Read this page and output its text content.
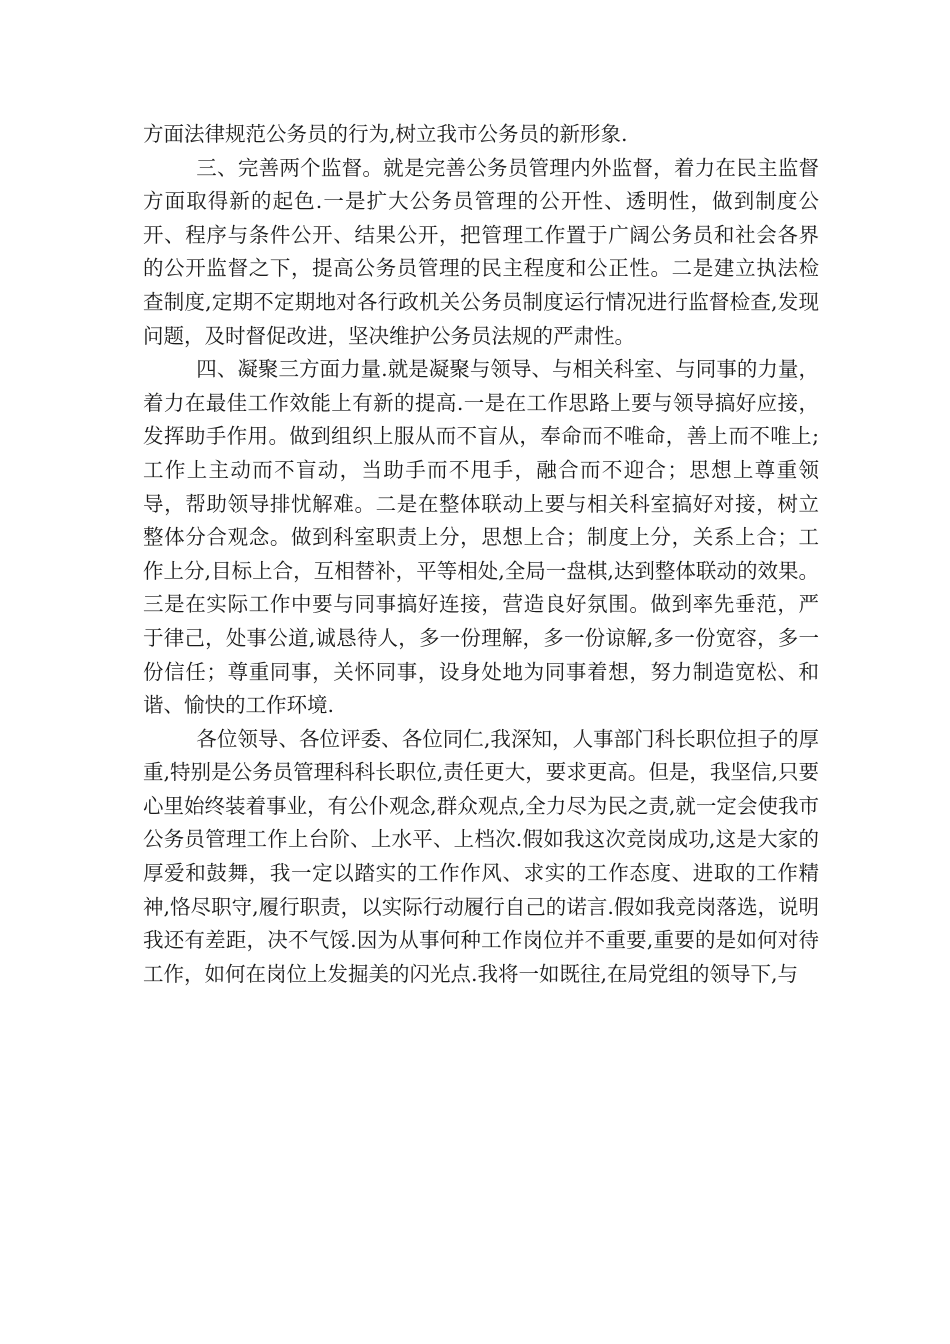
方面法律规范公务员的行为,树立我市公务员的新形象.

三、完善两个监督。就是完善公务员管理内外监督，着力在民主监督方面取得新的起色.一是扩大公务员管理的公开性、透明性，做到制度公开、程序与条件公开、结果公开，把管理工作置于广阔公务员和社会各界的公开监督之下，提高公务员管理的民主程度和公正性。二是建立执法检查制度,定期不定期地对各行政机关公务员制度运行情况进行监督检查,发现问题，及时督促改进，坚决维护公务员法规的严肃性。

四、凝聚三方面力量.就是凝聚与领导、与相关科室、与同事的力量，着力在最佳工作效能上有新的提高.一是在工作思路上要与领导搞好应接，发挥助手作用。做到组织上服从而不盲从，奉命而不唯命，善上而不唯上;工作上主动而不盲动，当助手而不甩手，融合而不迎合；思想上尊重领导，帮助领导排忧解难。二是在整体联动上要与相关科室搞好对接，树立整体分合观念。做到科室职责上分，思想上合；制度上分，关系上合；工作上分,目标上合，互相替补，平等相处,全局一盘棋,达到整体联动的效果。三是在实际工作中要与同事搞好连接，营造良好氛围。做到率先垂范，严于律己，处事公道,诚恳待人，多一份理解，多一份谅解,多一份宽容，多一份信任；尊重同事，关怀同事，设身处地为同事着想，努力制造宽松、和谐、愉快的工作环境.

各位领导、各位评委、各位同仁,我深知，人事部门科长职位担子的厚重,特别是公务员管理科科长职位,责任更大，要求更高。但是，我坚信,只要心里始终装着事业，有公仆观念,群众观点,全力尽为民之责,就一定会使我市公务员管理工作上台阶、上水平、上档次.假如我这次竞岗成功,这是大家的厚爱和鼓舞，我一定以踏实的工作作风、求实的工作态度、进取的工作精神,恪尽职守,履行职责，以实际行动履行自己的诺言.假如我竞岗落选，说明我还有差距，决不气馁.因为从事何种工作岗位并不重要,重要的是如何对待工作，如何在岗位上发掘美的闪光点.我将一如既往,在局党组的领导下,与
